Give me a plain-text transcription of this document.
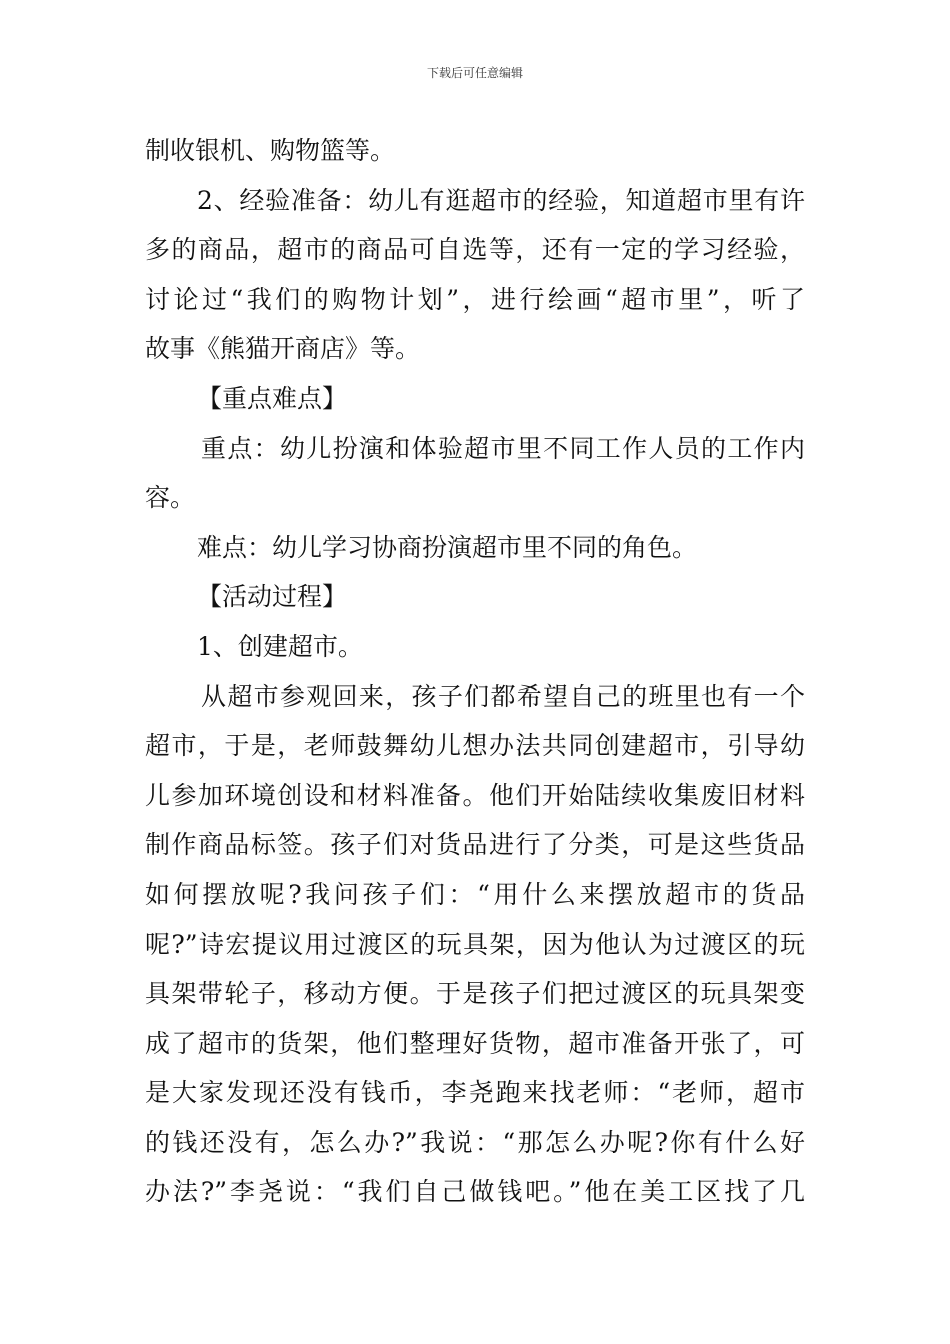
下载后可任意编辑
制收银机、购物篮等。
2、经验准备：幼儿有逛超市的经验，知道超市里有许
多的商品，超市的商品可自选等，还有一定的学习经验，
讨论过“我们的购物计划”，进行绘画“超市里”，听了
故事《熊猫开商店》等。
【重点难点】
重点：幼儿扮演和体验超市里不同工作人员的工作内
容。
难点：幼儿学习协商扮演超市里不同的角色。
【活动过程】
1、创建超市。
从超市参观回来，孩子们都希望自己的班里也有一个
超市，于是，老师鼓舞幼儿想办法共同创建超市，引导幼
儿参加环境创设和材料准备。他们开始陆续收集废旧材料
制作商品标签。孩子们对货品进行了分类，可是这些货品
如何摆放呢?我问孩子们：“用什么来摆放超市的货品
呢?”诗宏提议用过渡区的玩具架，因为他认为过渡区的玩
具架带轮子，移动方便。于是孩子们把过渡区的玩具架变
成了超市的货架，他们整理好货物，超市准备开张了，可
是大家发现还没有钱币，李尧跑来找老师：“老师，超市
的钱还没有，怎么办?”我说：“那怎么办呢?你有什么好
办法?”李尧说：“我们自己做钱吧。”他在美工区找了几
